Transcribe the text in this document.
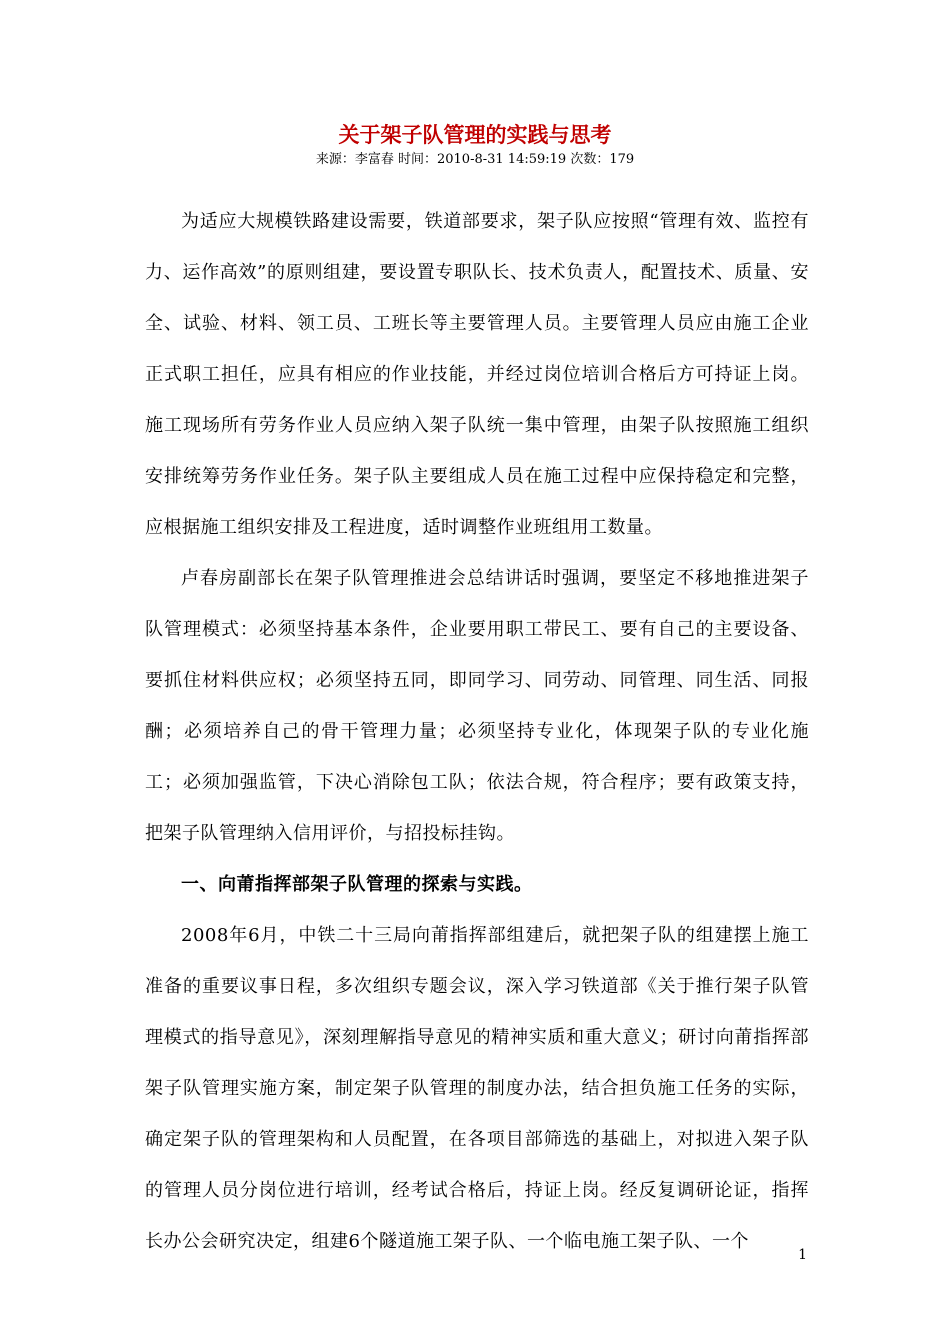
关于架子队管理的实践与思考
来源：李富春 时间：2010-8-31 14:59:19 次数：179

为适应大规模铁路建设需要，铁道部要求，架子队应按照“管理有效、监控有力、运作高效”的原则组建，要设置专职队长、技术负责人，配置技术、质量、安全、试验、材料、领工员、工班长等主要管理人员。主要管理人员应由施工企业正式职工担任，应具有相应的作业技能，并经过岗位培训合格后方可持证上岗。施工现场所有劳务作业人员应纳入架子队统一集中管理，由架子队按照施工组织安排统筹劳务作业任务。架子队主要组成人员在施工过程中应保持稳定和完整，应根据施工组织安排及工程进度，适时调整作业班组用工数量。

卢春房副部长在架子队管理推进会总结讲话时强调，要坚定不移地推进架子队管理模式：必须坚持基本条件，企业要用职工带民工、要有自己的主要设备、要抓住材料供应权；必须坚持五同，即同学习、同劳动、同管理、同生活、同报酬；必须培养自己的骨干管理力量；必须坚持专业化，体现架子队的专业化施工；必须加强监管，下决心消除包工队；依法合规，符合程序；要有政策支持，把架子队管理纳入信用评价，与招投标挂钩。

一、向莆指挥部架子队管理的探索与实践。

2008年6月，中铁二十三局向莆指挥部组建后，就把架子队的组建摆上施工准备的重要议事日程，多次组织专题会议，深入学习铁道部《关于推行架子队管理模式的指导意见》，深刻理解指导意见的精神实质和重大意义；研讨向莆指挥部架子队管理实施方案，制定架子队管理的制度办法，结合担负施工任务的实际，确定架子队的管理架构和人员配置，在各项目部筛选的基础上，对拟进入架子队的管理人员分岗位进行培训，经考试合格后，持证上岗。经反复调研论证，指挥长办公会研究决定，组建6个隧道施工架子队、一个临电施工架子队、一个

1
